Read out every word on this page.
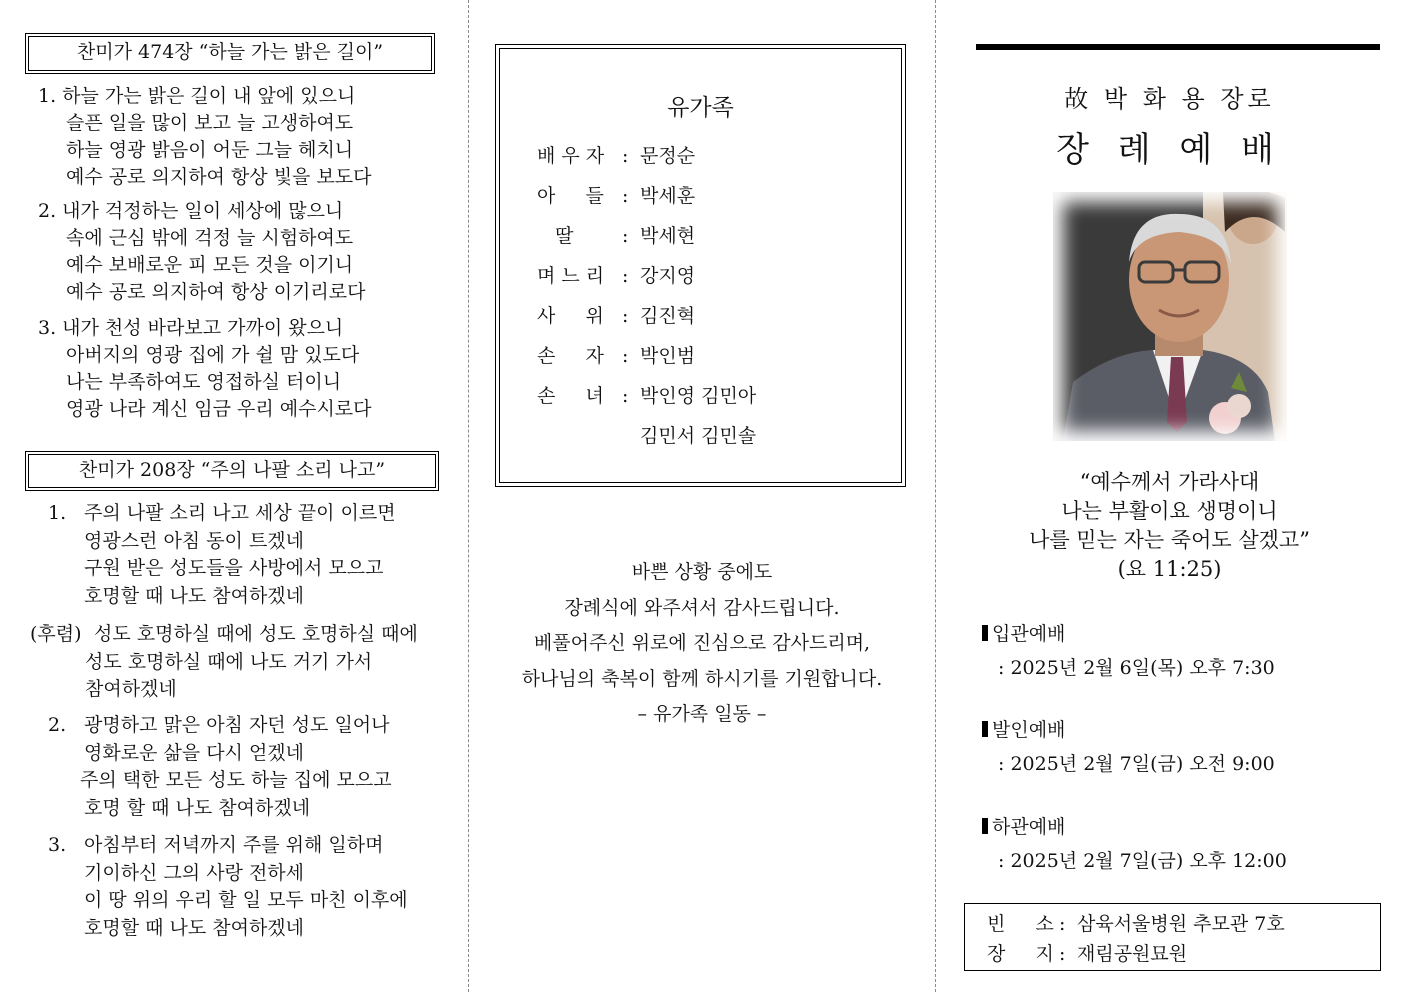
찬미가 474장 “하늘 가는 밝은 길이”
1. 하늘 가는 밝은 길이 내 앞에 있으니
슬픈 일을 많이 보고 늘 고생하여도
하늘 영광 밝음이 어둔 그늘 헤치니
예수 공로 의지하여 항상 빛을 보도다
2. 내가 걱정하는 일이 세상에 많으니
속에 근심 밖에 걱정 늘 시험하여도
예수 보배로운 피 모든 것을 이기니
예수 공로 의지하여 항상 이기리로다
3. 내가 천성 바라보고 가까이 왔으니
아버지의 영광 집에 가 쉴 맘 있도다
나는 부족하여도 영접하실 터이니
영광 나라 계신 임금 우리 예수시로다
찬미가 208장 “주의 나팔 소리 나고”
1. 주의 나팔 소리 나고 세상 끝이 이르면
영광스런 아침 동이 트겠네
구원 받은 성도들을 사방에서 모으고
호명할 때 나도 참여하겠네
(후렴) 성도 호명하실 때에 성도 호명하실 때에
성도 호명하실 때에 나도 거기 가서
참여하겠네
2. 광명하고 맑은 아침 자던 성도 일어나
영화로운 삶을 다시 얻겠네
주의 택한 모든 성도 하늘 집에 모으고
호명 할 때 나도 참여하겠네
3. 아침부터 저녁까지 주를 위해 일하며
기이하신 그의 사랑 전하세
이 땅 위의 우리 할 일 모두 마친 이후에
호명할 때 나도 참여하겠네
유가족
배 우 자 : 문정순
아     들 : 박세훈
딸    : 박세현
며 느 리 : 강지영
사     위 : 김진혁
손     자 : 박인범
손     녀 : 박인영 김민아
김민서 김민솔
바쁜 상황 중에도
장례식에 와주셔서 감사드립니다.
베풀어주신 위로에 진심으로 감사드리며,
하나님의 축복이 함께 하시기를 기원합니다.
– 유가족 일동 –
故 박 화 용 장로
장 례 예 배
“예수께서 가라사대
나는 부활이요 생명이니
나를 믿는 자는 죽어도 살겠고”
(요 11:25)
입관예배
: 2025년 2월 6일(목) 오후 7:30
발인예배
: 2025년 2월 7일(금) 오전 9:00
하관예배
: 2025년 2월 7일(금) 오후 12:00
빈     소 : 삼육서울병원 추모관 7호
장     지 : 재림공원묘원
